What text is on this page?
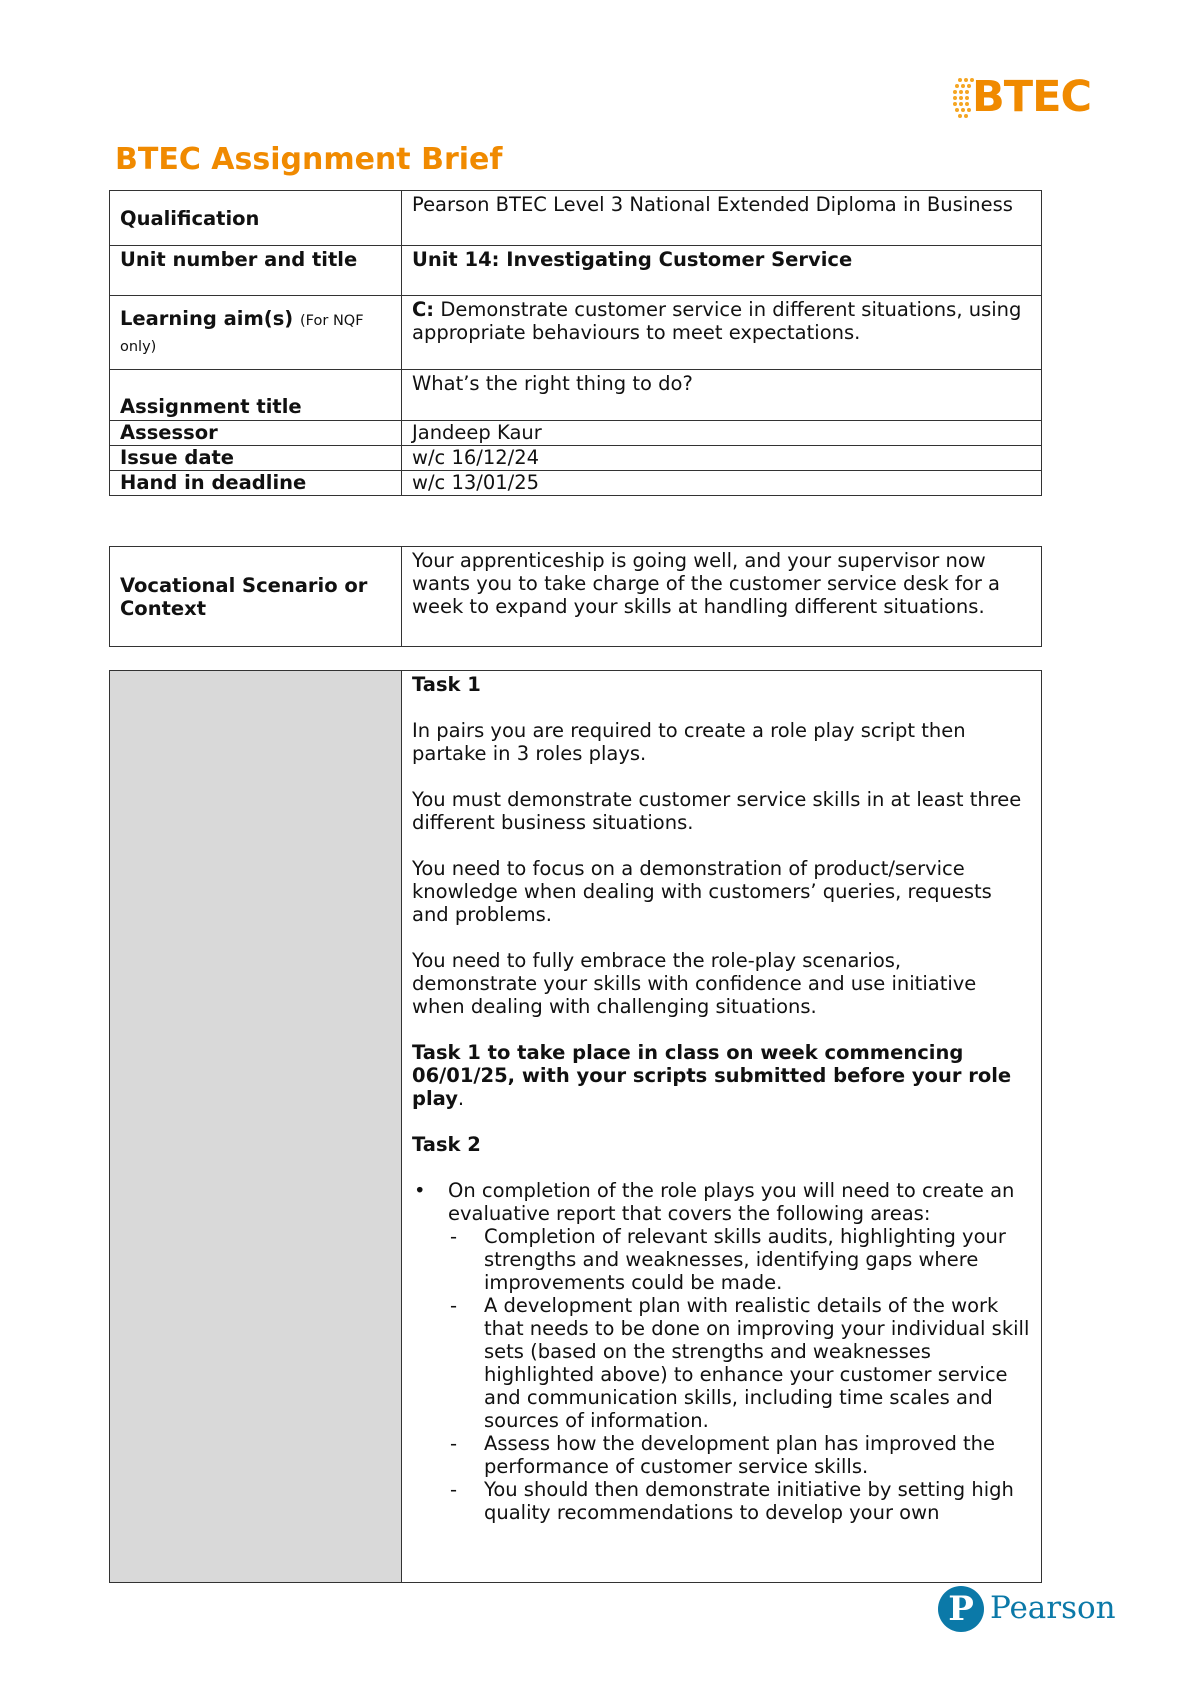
BTEC
BTEC Assignment Brief
Qualification	Pearson BTEC Level 3 National Extended Diploma in Business
Unit number and title	Unit 14: Investigating Customer Service
Learning aim(s) (For NQF only)	C: Demonstrate customer service in different situations, using appropriate behaviours to meet expectations.
Assignment title	What’s the right thing to do?
Assessor	Jandeep Kaur
Issue date	w/c 16/12/24
Hand in deadline	w/c 13/01/25
Vocational Scenario or Context	Your apprenticeship is going well, and your supervisor now wants you to take charge of the customer service desk for a week to expand your skills at handling different situations.

Task 1

In pairs you are required to create a role play script then partake in 3 roles plays.

You must demonstrate customer service skills in at least three different business situations.

You need to focus on a demonstration of product/service knowledge when dealing with customers’ queries, requests and problems.

You need to fully embrace the role-play scenarios, demonstrate your skills with confidence and use initiative when dealing with challenging situations.

Task 1 to take place in class on week commencing 06/01/25, with your scripts submitted before your role play.

Task 2

• On completion of the role plays you will need to create an evaluative report that covers the following areas:
- Completion of relevant skills audits, highlighting your strengths and weaknesses, identifying gaps where improvements could be made.
- A development plan with realistic details of the work that needs to be done on improving your individual skill sets (based on the strengths and weaknesses highlighted above) to enhance your customer service and communication skills, including time scales and sources of information.
- Assess how the development plan has improved the performance of customer service skills.
- You should then demonstrate initiative by setting high quality recommendations to develop your own
P Pearson
